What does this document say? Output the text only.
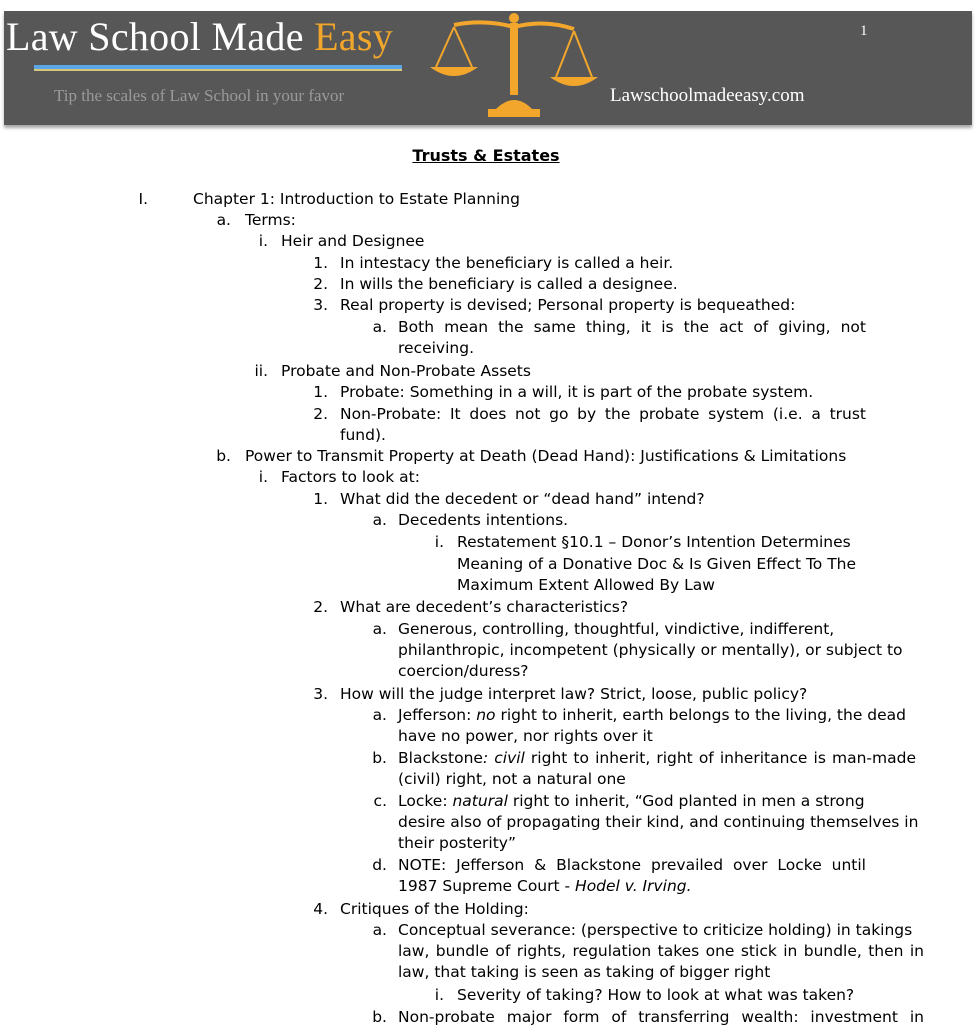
Law School Made Easy
Tip the scales of Law School in your favor	Lawschoolmadeeasy.com
1
Trusts & Estates
I.	Chapter 1: Introduction to Estate Planning
a. Terms:
i. Heir and Designee
1. In intestacy the beneficiary is called a heir.
2. In wills the beneficiary is called a designee.
3. Real property is devised; Personal property is bequeathed:
a. Both mean the same thing, it is the act of giving, not
receiving.
ii. Probate and Non-Probate Assets
1. Probate: Something in a will, it is part of the probate system.
2. Non-Probate: It does not go by the probate system (i.e. a trust
fund).
b. Power to Transmit Property at Death (Dead Hand): Justifications & Limitations
i. Factors to look at:
1. What did the decedent or “dead hand” intend?
a. Decedents intentions.
i. Restatement §10.1 – Donor’s Intention Determines
Meaning of a Donative Doc & Is Given Effect To The
Maximum Extent Allowed By Law
2. What are decedent’s characteristics?
a. Generous, controlling, thoughtful, vindictive, indifferent,
philanthropic, incompetent (physically or mentally), or subject to
coercion/duress?
3. How will the judge interpret law? Strict, loose, public policy?
a. Jefferson: no right to inherit, earth belongs to the living, the dead
have no power, nor rights over it
b. Blackstone: civil right to inherit, right of inheritance is man-made
(civil) right, not a natural one
c. Locke: natural right to inherit, “God planted in men a strong
desire also of propagating their kind, and continuing themselves in
their posterity”
d. NOTE: Jefferson & Blackstone prevailed over Locke until
1987 Supreme Court - Hodel v. Irving.
4. Critiques of the Holding:
a. Conceptual severance: (perspective to criticize holding) in takings
law, bundle of rights, regulation takes one stick in bundle, then in
law, that taking is seen as taking of bigger right
i. Severity of taking? How to look at what was taken?
b. Non-probate major form of transferring wealth: investment in
